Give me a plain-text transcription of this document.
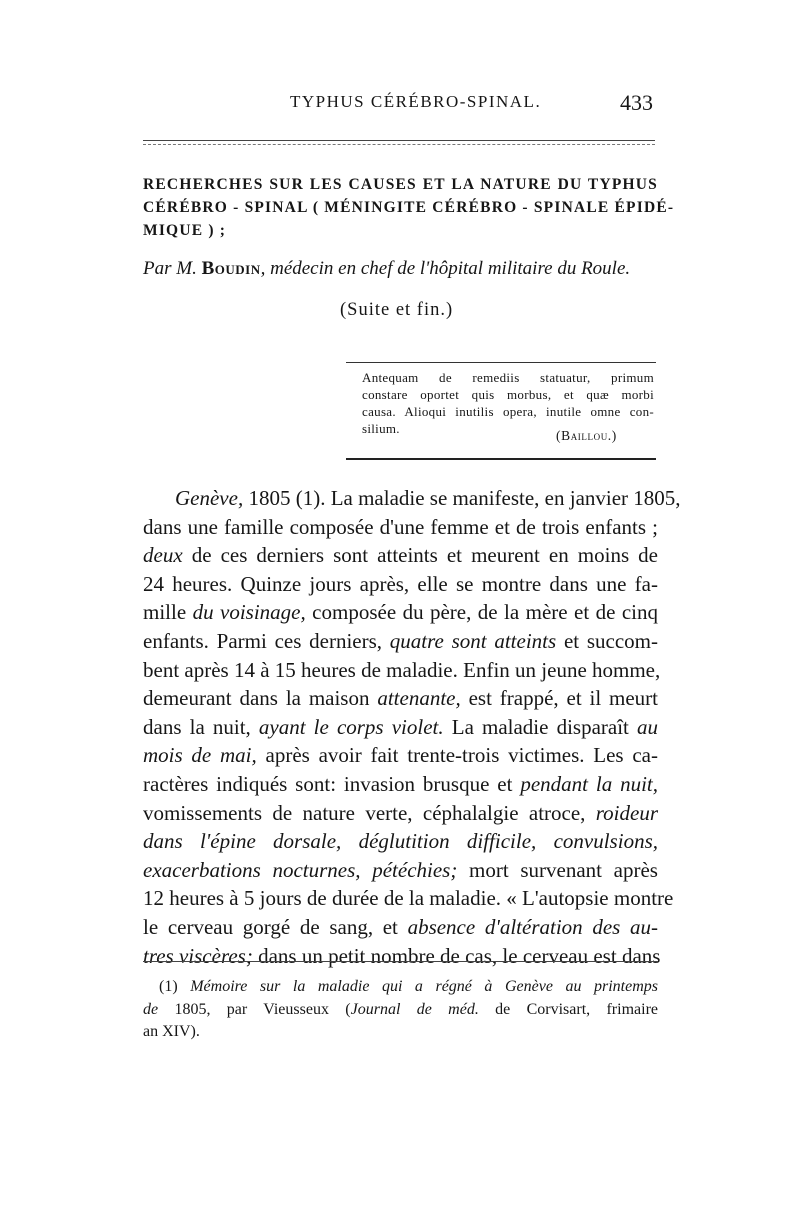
TYPHUS CÉRÉBRO-SPINAL.	433
RECHERCHES SUR LES CAUSES ET LA NATURE DU TYPHUS
CÉRÉBRO - SPINAL ( MÉNINGITE CÉRÉBRO - SPINALE ÉPIDÉ-
MIQUE ) ;
Par M. Boudin, médecin en chef de l'hôpital militaire du Roule.
(Suite et fin.)
Antequam de remediis statuatur, primum
constare oportet quis morbus, et quæ morbi
causa. Alioqui inutilis opera, inutile omne con-
silium.	(Baillou.)
Genève, 1805 (1). La maladie se manifeste, en janvier 1805,
dans une famille composée d'une femme et de trois enfants ;
deux de ces derniers sont atteints et meurent en moins de
24 heures. Quinze jours après, elle se montre dans une fa-
mille du voisinage, composée du père, de la mère et de cinq
enfants. Parmi ces derniers, quatre sont atteints et succom-
bent après 14 à 15 heures de maladie. Enfin un jeune homme,
demeurant dans la maison attenante, est frappé, et il meurt
dans la nuit, ayant le corps violet. La maladie disparaît au
mois de mai, après avoir fait trente-trois victimes. Les ca-
ractères indiqués sont: invasion brusque et pendant la nuit,
vomissements de nature verte, céphalalgie atroce, roideur
dans l'épine dorsale, déglutition difficile, convulsions,
exacerbations nocturnes, pétéchies; mort survenant après
12 heures à 5 jours de durée de la maladie. « L'autopsie montre
le cerveau gorgé de sang, et absence d'altération des au-
tres viscères; dans un petit nombre de cas, le cerveau est dans
(1) Mémoire sur la maladie qui a régné à Genève au printemps
de 1805, par Vieusseux (Journal de méd. de Corvisart, frimaire
an XIV).
